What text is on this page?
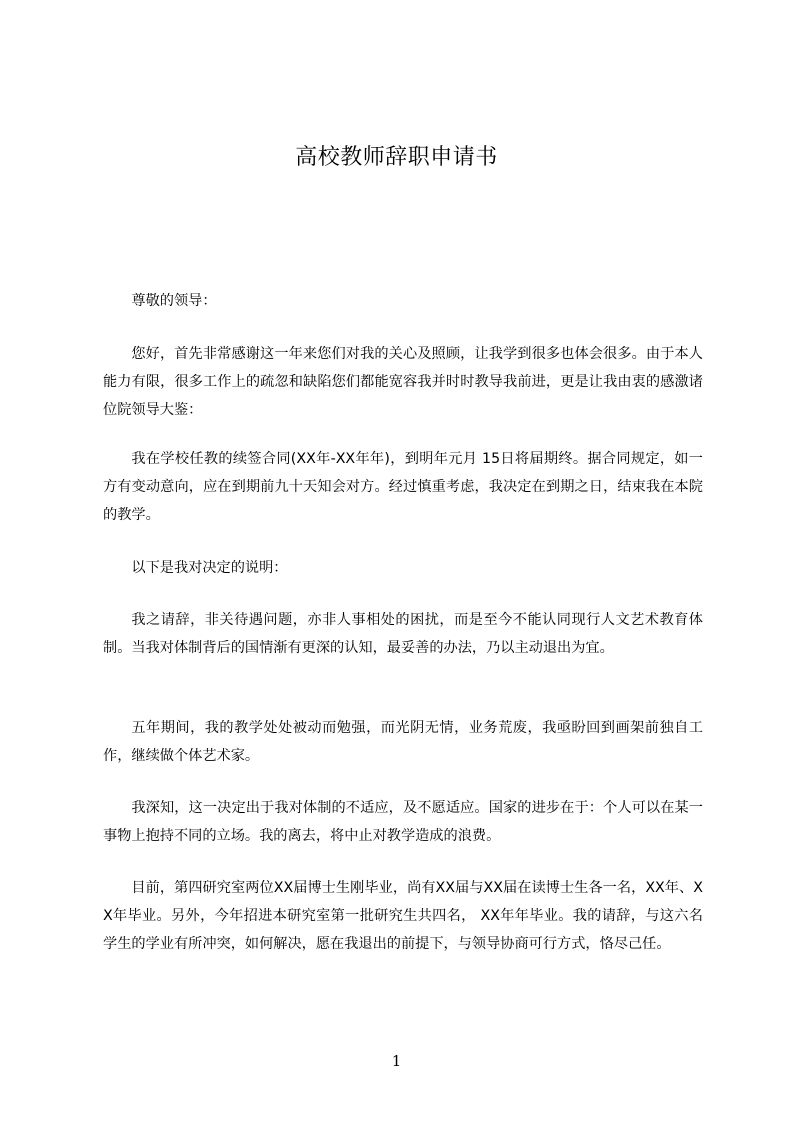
高校教师辞职申请书
尊敬的领导：
您好，首先非常感谢这一年来您们对我的关心及照顾，让我学到很多也体会很多。由于本人能力有限，很多工作上的疏忽和缺陷您们都能宽容我并时时教导我前进，更是让我由衷的感激诸位院领导大鉴：
我在学校任教的续签合同(XX年-XX年年)，到明年元月 15日将届期终。据合同规定，如一方有变动意向，应在到期前九十天知会对方。经过慎重考虑，我决定在到期之日，结束我在本院的教学。
以下是我对决定的说明：
我之请辞，非关待遇问题，亦非人事相处的困扰，而是至今不能认同现行人文艺术教育体制。当我对体制背后的国情渐有更深的认知，最妥善的办法，乃以主动退出为宜。
五年期间，我的教学处处被动而勉强，而光阴无情，业务荒废，我亟盼回到画架前独自工作，继续做个体艺术家。
我深知，这一决定出于我对体制的不适应，及不愿适应。国家的进步在于：个人可以在某一事物上抱持不同的立场。我的离去，将中止对教学造成的浪费。
目前，第四研究室两位XX届博士生刚毕业，尚有XX届与XX届在读博士生各一名，XX年、XX年毕业。另外，今年招进本研究室第一批研究生共四名， XX年年毕业。我的请辞，与这六名学生的学业有所冲突，如何解决，愿在我退出的前提下，与领导协商可行方式，恪尽己任。
1
